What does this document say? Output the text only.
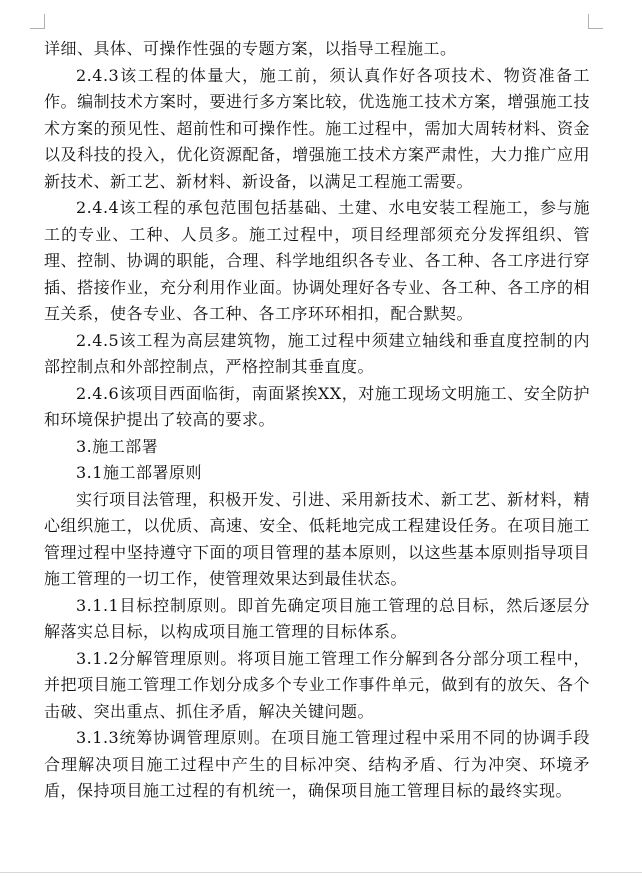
详细、具体、可操作性强的专题方案，以指导工程施工。

2.4.3该工程的体量大，施工前，须认真作好各项技术、物资准备工作。编制技术方案时，要进行多方案比较，优选施工技术方案，增强施工技术方案的预见性、超前性和可操作性。施工过程中，需加大周转材料、资金以及科技的投入，优化资源配备，增强施工技术方案严肃性，大力推广应用新技术、新工艺、新材料、新设备，以满足工程施工需要。

2.4.4该工程的承包范围包括基础、土建、水电安装工程施工，参与施工的专业、工种、人员多。施工过程中，项目经理部须充分发挥组织、管理、控制、协调的职能，合理、科学地组织各专业、各工种、各工序进行穿插、搭接作业，充分利用作业面。协调处理好各专业、各工种、各工序的相互关系，使各专业、各工种、各工序环环相扣，配合默契。

2.4.5该工程为高层建筑物，施工过程中须建立轴线和垂直度控制的内部控制点和外部控制点，严格控制其垂直度。

2.4.6该项目西面临街，南面紧挨XX，对施工现场文明施工、安全防护和环境保护提出了较高的要求。

3.施工部署

3.1施工部署原则

实行项目法管理，积极开发、引进、采用新技术、新工艺、新材料，精心组织施工，以优质、高速、安全、低耗地完成工程建设任务。在项目施工管理过程中坚持遵守下面的项目管理的基本原则，以这些基本原则指导项目施工管理的一切工作，使管理效果达到最佳状态。

3.1.1目标控制原则。即首先确定项目施工管理的总目标，然后逐层分解落实总目标，以构成项目施工管理的目标体系。

3.1.2分解管理原则。将项目施工管理工作分解到各分部分项工程中，并把项目施工管理工作划分成多个专业工作事件单元，做到有的放矢、各个击破、突出重点、抓住矛盾，解决关键问题。

3.1.3统筹协调管理原则。在项目施工管理过程中采用不同的协调手段合理解决项目施工过程中产生的目标冲突、结构矛盾、行为冲突、环境矛盾，保持项目施工过程的有机统一，确保项目施工管理目标的最终实现。
